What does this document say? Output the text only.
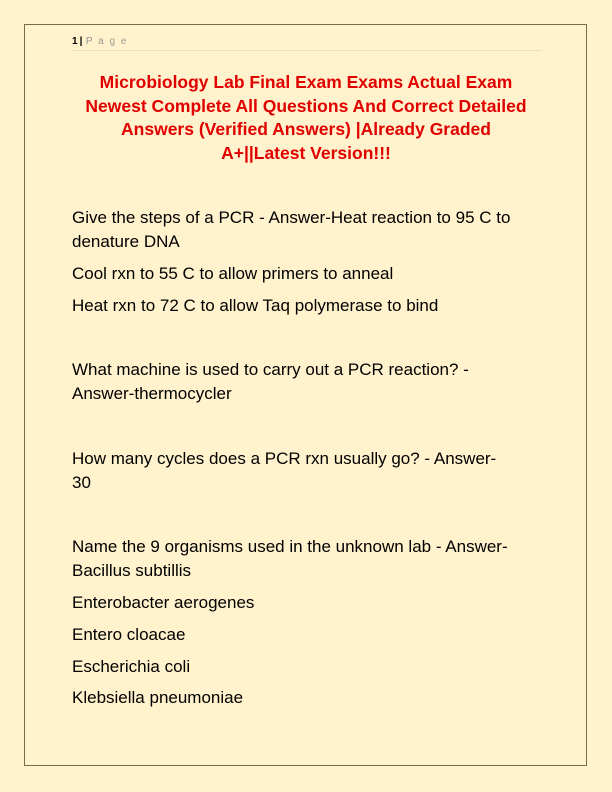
1 | P a g e
Microbiology Lab Final Exam Exams Actual Exam
Newest Complete All Questions And Correct Detailed
Answers (Verified Answers) |Already Graded
A+||Latest Version!!!
Give the steps of a PCR - Answer-Heat reaction to 95 C to
denature DNA
Cool rxn to 55 C to allow primers to anneal
Heat rxn to 72 C to allow Taq polymerase to bind
What machine is used to carry out a PCR reaction? -
Answer-thermocycler
How many cycles does a PCR rxn usually go? - Answer-
30
Name the 9 organisms used in the unknown lab - Answer-
Bacillus subtillis
Enterobacter aerogenes
Entero cloacae
Escherichia coli
Klebsiella pneumoniae
